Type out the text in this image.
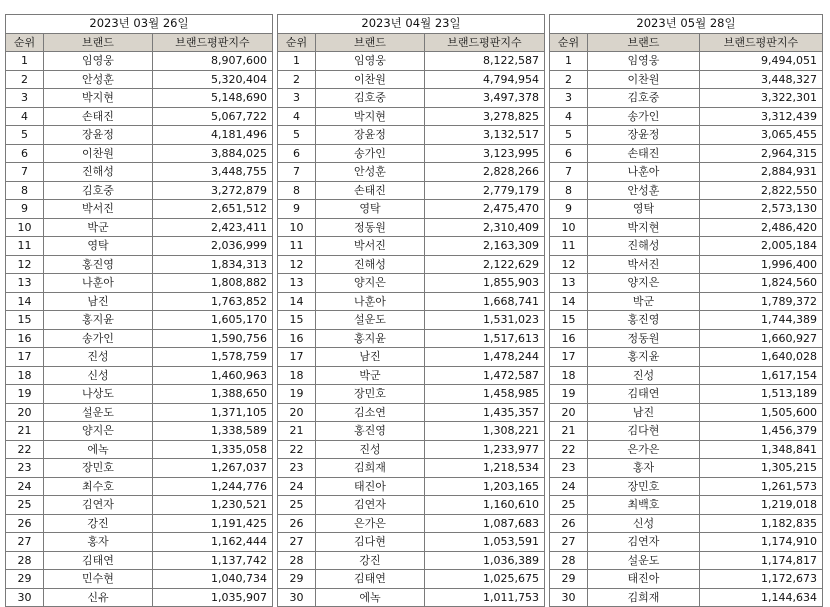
2023년 03월 26일		
순위	브랜드	브랜드평판지수
1	임영웅	8,907,600
2	안성훈	5,320,404
3	박지현	5,148,690
4	손태진	5,067,722
5	장윤정	4,181,496
6	이찬원	3,884,025
7	진해성	3,448,755
8	김호중	3,272,879
9	박서진	2,651,512
10	박군	2,423,411
11	영탁	2,036,999
12	홍진영	1,834,313
13	나훈아	1,808,882
14	남진	1,763,852
15	홍지윤	1,605,170
16	송가인	1,590,756
17	진성	1,578,759
18	신성	1,460,963
19	나상도	1,388,650
20	설운도	1,371,105
21	양지은	1,338,589
22	에녹	1,335,058
23	장민호	1,267,037
24	최수호	1,244,776
25	김연자	1,230,521
26	강진	1,191,425
27	홍자	1,162,444
28	김태연	1,137,742
29	민수현	1,040,734
30	신유	1,035,907
2023년 04월 23일		
순위	브랜드	브랜드평판지수
1	임영웅	8,122,587
2	이찬원	4,794,954
3	김호중	3,497,378
4	박지현	3,278,825
5	장윤정	3,132,517
6	송가인	3,123,995
7	안성훈	2,828,266
8	손태진	2,779,179
9	영탁	2,475,470
10	정동원	2,310,409
11	박서진	2,163,309
12	진해성	2,122,629
13	양지은	1,855,903
14	나훈아	1,668,741
15	설운도	1,531,023
16	홍지윤	1,517,613
17	남진	1,478,244
18	박군	1,472,587
19	장민호	1,458,985
20	김소연	1,435,357
21	홍진영	1,308,221
22	진성	1,233,977
23	김희재	1,218,534
24	태진아	1,203,165
25	김연자	1,160,610
26	은가은	1,087,683
27	김다현	1,053,591
28	강진	1,036,389
29	김태연	1,025,675
30	에녹	1,011,753
2023년 05월 28일		
순위	브랜드	브랜드평판지수
1	임영웅	9,494,051
2	이찬원	3,448,327
3	김호중	3,322,301
4	송가인	3,312,439
5	장윤정	3,065,455
6	손태진	2,964,315
7	나훈아	2,884,931
8	안성훈	2,822,550
9	영탁	2,573,130
10	박지현	2,486,420
11	진해성	2,005,184
12	박서진	1,996,400
13	양지은	1,824,560
14	박군	1,789,372
15	홍진영	1,744,389
16	정동원	1,660,927
17	홍지윤	1,640,028
18	진성	1,617,154
19	김태연	1,513,189
20	남진	1,505,600
21	김다현	1,456,379
22	은가은	1,348,841
23	홍자	1,305,215
24	장민호	1,261,573
25	최백호	1,219,018
26	신성	1,182,835
27	김연자	1,174,910
28	설운도	1,174,817
29	태진아	1,172,673
30	김희재	1,144,634
